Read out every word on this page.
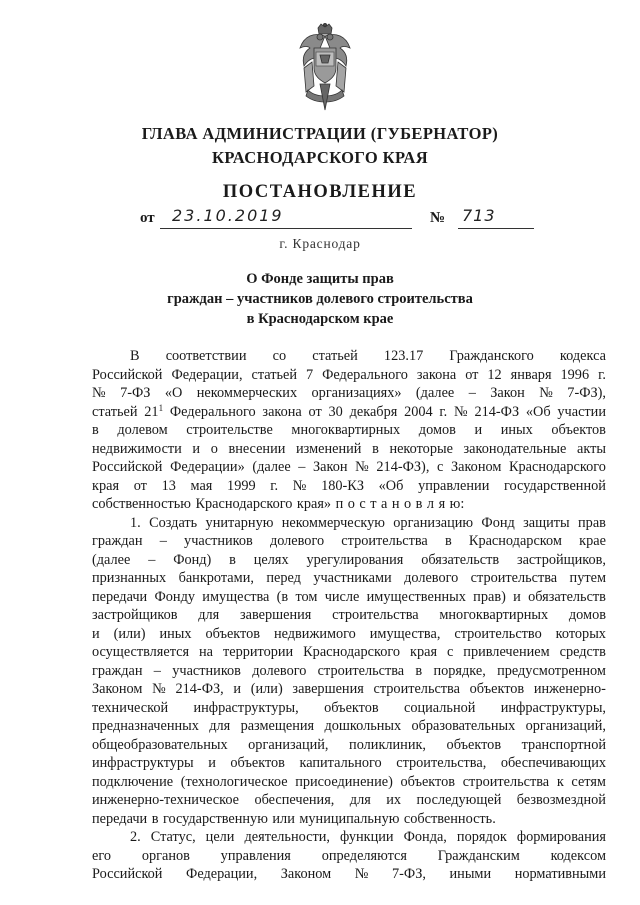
ГЛАВА АДМИНИСТРАЦИИ (ГУБЕРНАТОР)
КРАСНОДАРСКОГО КРАЯ
ПОСТАНОВЛЕНИЕ
от 23.10.2019	№ 713
г. Краснодар
О Фонде защиты прав
граждан – участников долевого строительства
в Краснодарском крае
В соответствии со статьей 123.17 Гражданского кодекса
Российской Федерации, статьей 7 Федерального закона от 12 января 1996 г.
№ 7-ФЗ «О некоммерческих организациях» (далее – Закон № 7-ФЗ),
статьей $21^1$ Федерального закона от 30 декабря 2004 г. № 214-ФЗ «Об участии
в долевом строительстве многоквартирных домов и иных объектов
недвижимости и о внесении изменений в некоторые законодательные акты
Российской Федерации» (далее – Закон № 214-ФЗ), с Законом Краснодарского
края от 13 мая 1999 г. № 180-КЗ «Об управлении государственной
собственностью Краснодарского края» п о с т а н о в л я ю:
1. Создать унитарную некоммерческую организацию Фонд защиты прав
граждан – участников долевого строительства в Краснодарском крае
(далее – Фонд) в целях урегулирования обязательств застройщиков,
признанных банкротами, перед участниками долевого строительства путем
передачи Фонду имущества (в том числе имущественных прав) и обязательств
застройщиков для завершения строительства многоквартирных домов
и (или) иных объектов недвижимого имущества, строительство которых
осуществляется на территории Краснодарского края с привлечением средств
граждан – участников долевого строительства в порядке, предусмотренном
Законом № 214-ФЗ, и (или) завершения строительства объектов инженерно-
технической инфраструктуры, объектов социальной инфраструктуры,
предназначенных для размещения дошкольных образовательных организаций,
общеобразовательных организаций, поликлиник, объектов транспортной
инфраструктуры и объектов капитального строительства, обеспечивающих
подключение (технологическое присоединение) объектов строительства к сетям
инженерно-техническое обеспечения, для их последующей безвозмездной
передачи в государственную или муниципальную собственность.
2. Статус, цели деятельности, функции Фонда, порядок формирования
его органов управления определяются Гражданским кодексом
Российской Федерации, Законом № 7-ФЗ, иными нормативными
